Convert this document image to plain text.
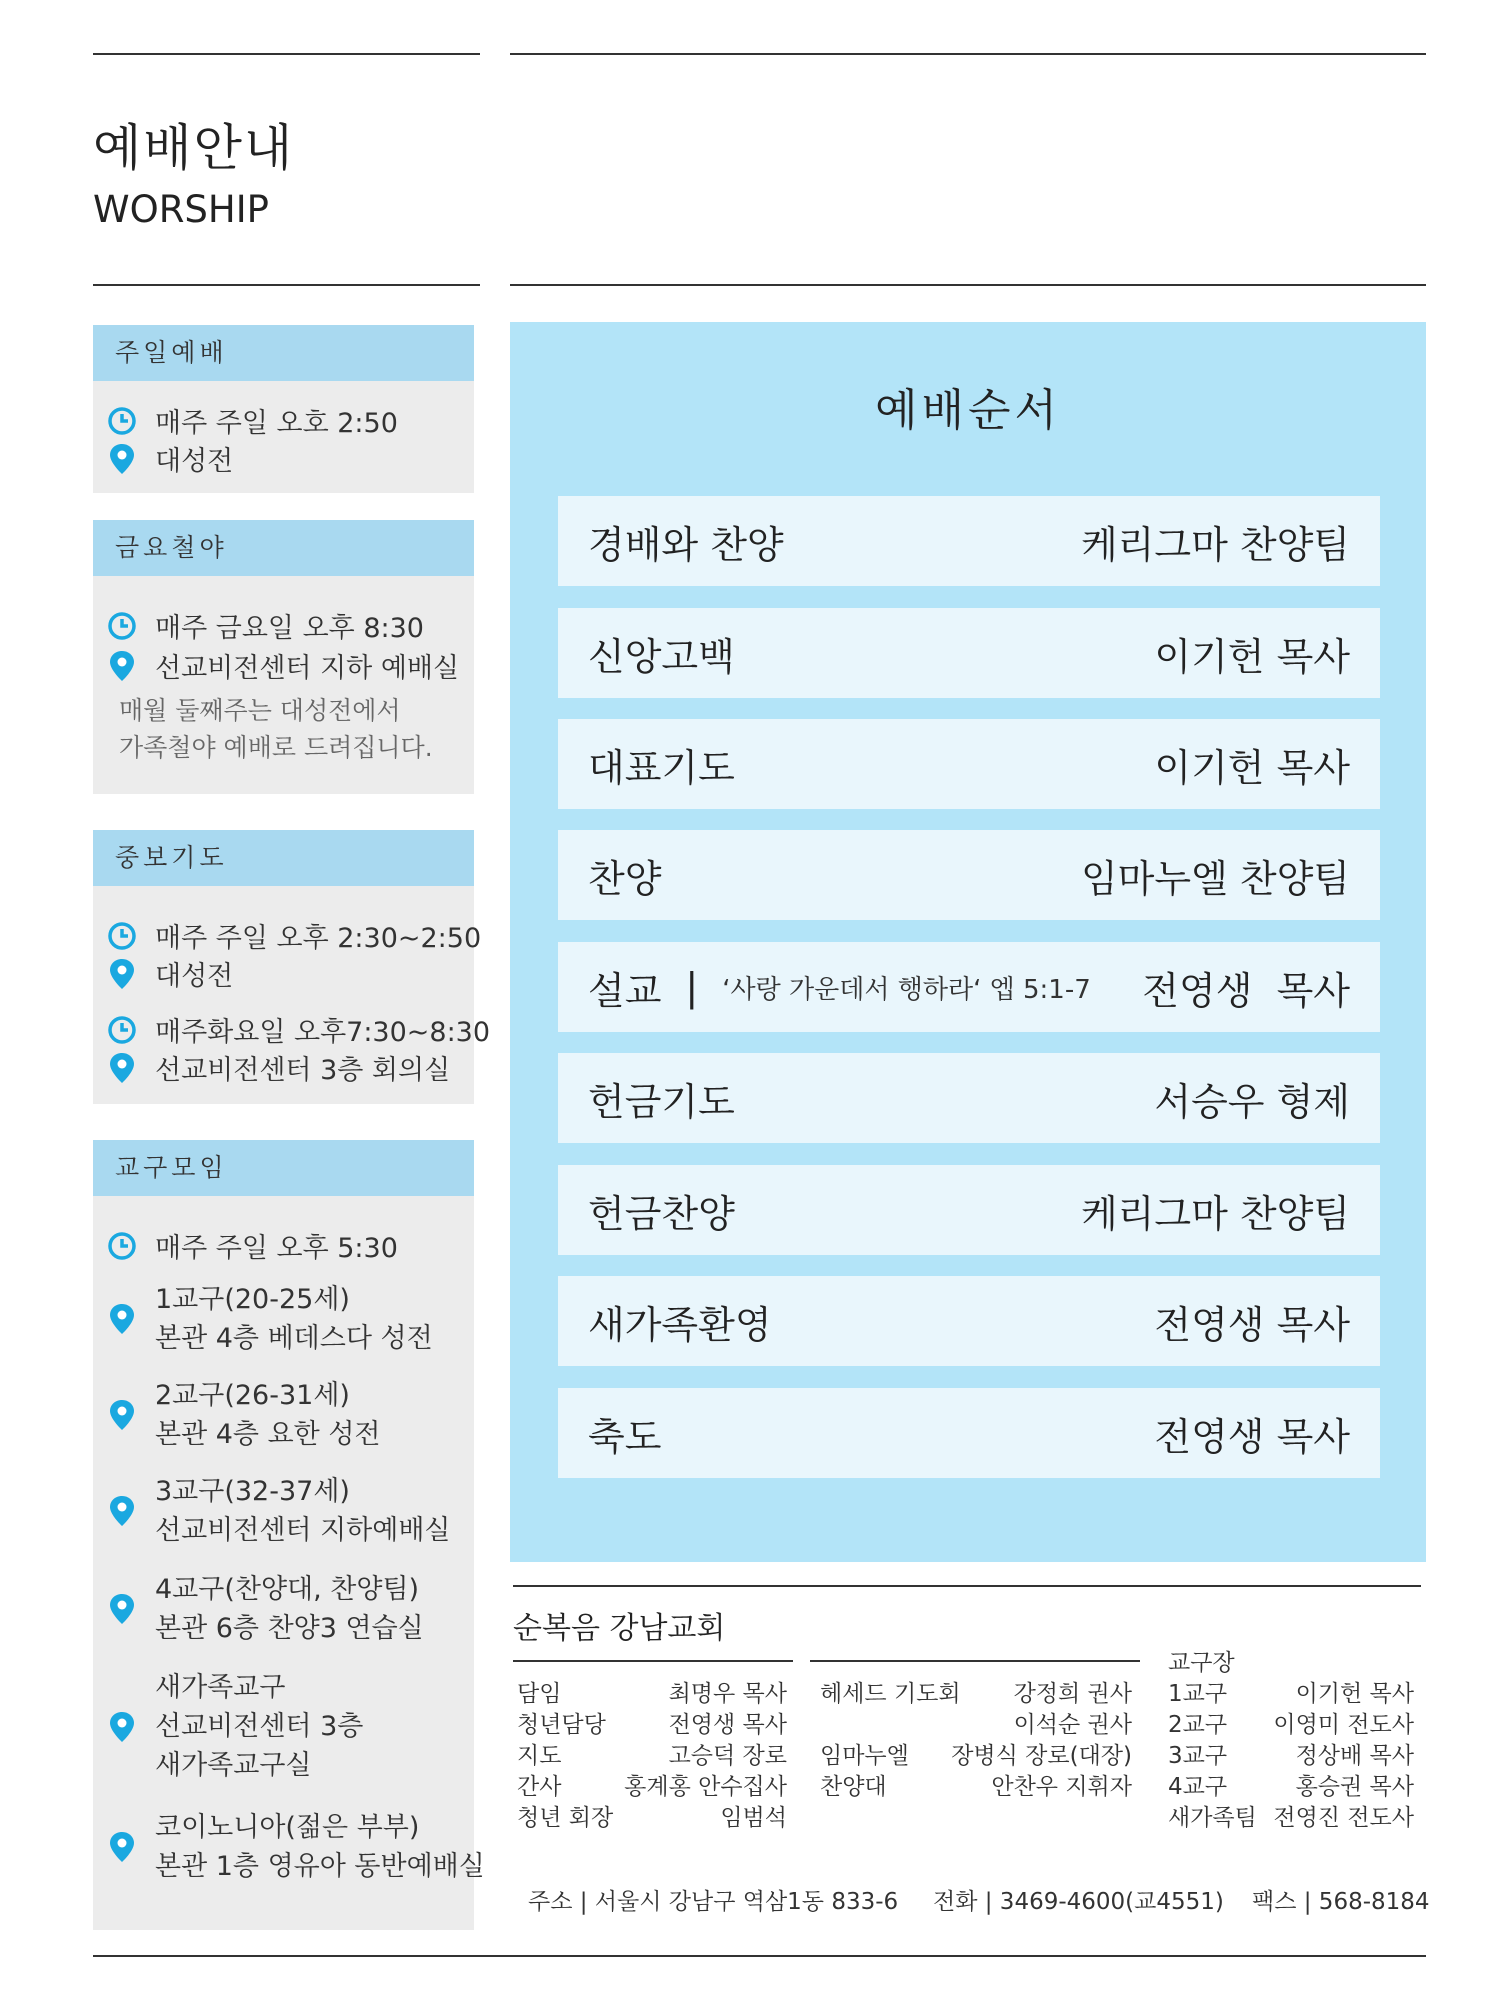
예배안내
WORSHIP
주일예배
매주 주일 오호 2:50
대성전
금요철야
매주 금요일 오후 8:30
선교비전센터 지하 예배실
매월 둘째주는 대성전에서
가족철야 예배로 드려집니다.
중보기도
매주 주일 오후 2:30~2:50
대성전
매주화요일 오후7:30~8:30
선교비전센터 3층 회의실
교구모임
매주 주일 오후 5:30
1교구(20-25세)
본관 4층 베데스다 성전
2교구(26-31세)
본관 4층 요한 성전
3교구(32-37세)
선교비전센터 지하예배실
4교구(찬양대, 찬양팀)
본관 6층 찬양3 연습실
새가족교구
선교비전센터 3층
새가족교구실
코이노니아(젊은 부부)
본관 1층 영유아 동반예배실
예배순서
경배와 찬양	케리그마 찬양팀
신앙고백	이기헌 목사
대표기도	이기헌 목사
찬양	임마누엘 찬양팀
설교 | ‘사랑 가운데서 행하라‘ 엡 5:1-7 전영생  목사
헌금기도	서승우 형제
헌금찬양	케리그마 찬양팀
새가족환영	전영생 목사
축도	전영생 목사
순복음 강남교회
담임	최명우 목사
청년담당	전영생 목사
지도	고승덕 장로
간사	홍계홍 안수집사
청년 회장	임범석
헤세드 기도회 강정희 권사
이석순 권사
임마누엘 장병식 장로(대장)
찬양대	안찬우 지휘자
교구장
1교구	이기헌 목사
2교구 이영미 전도사
3교구	정상배 목사
4교구	홍승권 목사
새가족팀 전영진 전도사
주소 | 서울시 강남구 역삼1동 833-6 전화 | 3469-4600(교4551) 팩스 | 568-8184
